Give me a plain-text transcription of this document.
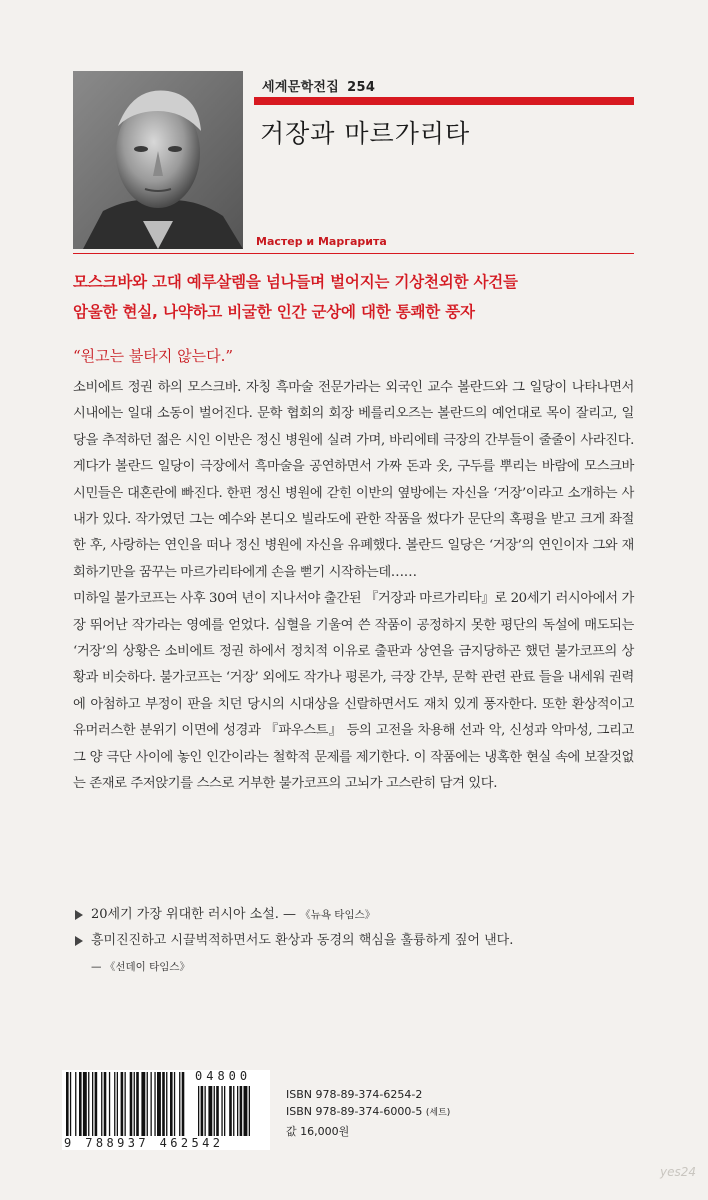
세계문학전집 254
거장과 마르가리타
Мастер и Маргарита
모스크바와 고대 예루살렘을 넘나들며 벌어지는 기상천외한 사건들
암울한 현실, 나약하고 비굴한 인간 군상에 대한 통쾌한 풍자
“원고는 불타지 않는다.”

소비에트 정권 하의 모스크바. 자칭 흑마술 전문가라는 외국인 교수 볼란드와 그 일당이 나타나면서 시내에는 일대 소동이 벌어진다. 문학 협회의 회장 베를리오즈는 볼란드의 예언대로 목이 잘리고, 일당을 추적하던 젊은 시인 이반은 정신 병원에 실려 가며, 바리에테 극장의 간부들이 줄줄이 사라진다. 게다가 볼란드 일당이 극장에서 흑마술을 공연하면서 가짜 돈과 옷, 구두를 뿌리는 바람에 모스크바 시민들은 대혼란에 빠진다. 한편 정신 병원에 갇힌 이반의 옆방에는 자신을 ‘거장’이라고 소개하는 사내가 있다. 작가였던 그는 예수와 본디오 빌라도에 관한 작품을 썼다가 문단의 혹평을 받고 크게 좌절한 후, 사랑하는 연인을 떠나 정신 병원에 자신을 유폐했다. 볼란드 일당은 ‘거장’의 연인이자 그와 재회하기만을 꿈꾸는 마르가리타에게 손을 뻗기 시작하는데……

미하일 불가코프는 사후 30여 년이 지나서야 출간된 『거장과 마르가리타』로 20세기 러시아에서 가장 뛰어난 작가라는 영예를 얻었다. 심혈을 기울여 쓴 작품이 공정하지 못한 평단의 독설에 매도되는 ‘거장’의 상황은 소비에트 정권 하에서 정치적 이유로 출판과 상연을 금지당하곤 했던 불가코프의 상황과 비슷하다. 불가코프는 ‘거장’ 외에도 작가나 평론가, 극장 간부, 문학 관련 관료 들을 내세워 권력에 아첨하고 부정이 판을 치던 당시의 시대상을 신랄하면서도 재치 있게 풍자한다. 또한 환상적이고 유머러스한 분위기 이면에 성경과 『파우스트』 등의 고전을 차용해 선과 악, 신성과 악마성, 그리고 그 양 극단 사이에 놓인 인간이라는 철학적 문제를 제기한다. 이 작품에는 냉혹한 현실 속에 보잘것없는 존재로 주저앉기를 스스로 거부한 불가코프의 고뇌가 고스란히 담겨 있다.

20세기 가장 위대한 러시아 소설. — 《뉴욕 타임스》
흥미진진하고 시끌벅적하면서도 환상과 동경의 핵심을 훌륭하게 짚어 낸다.
— 《선데이 타임스》
04800
9 788937 462542
ISBN 978-89-374-6254-2
ISBN 978-89-374-6000-5 (세트)
값 16,000원
yes24
